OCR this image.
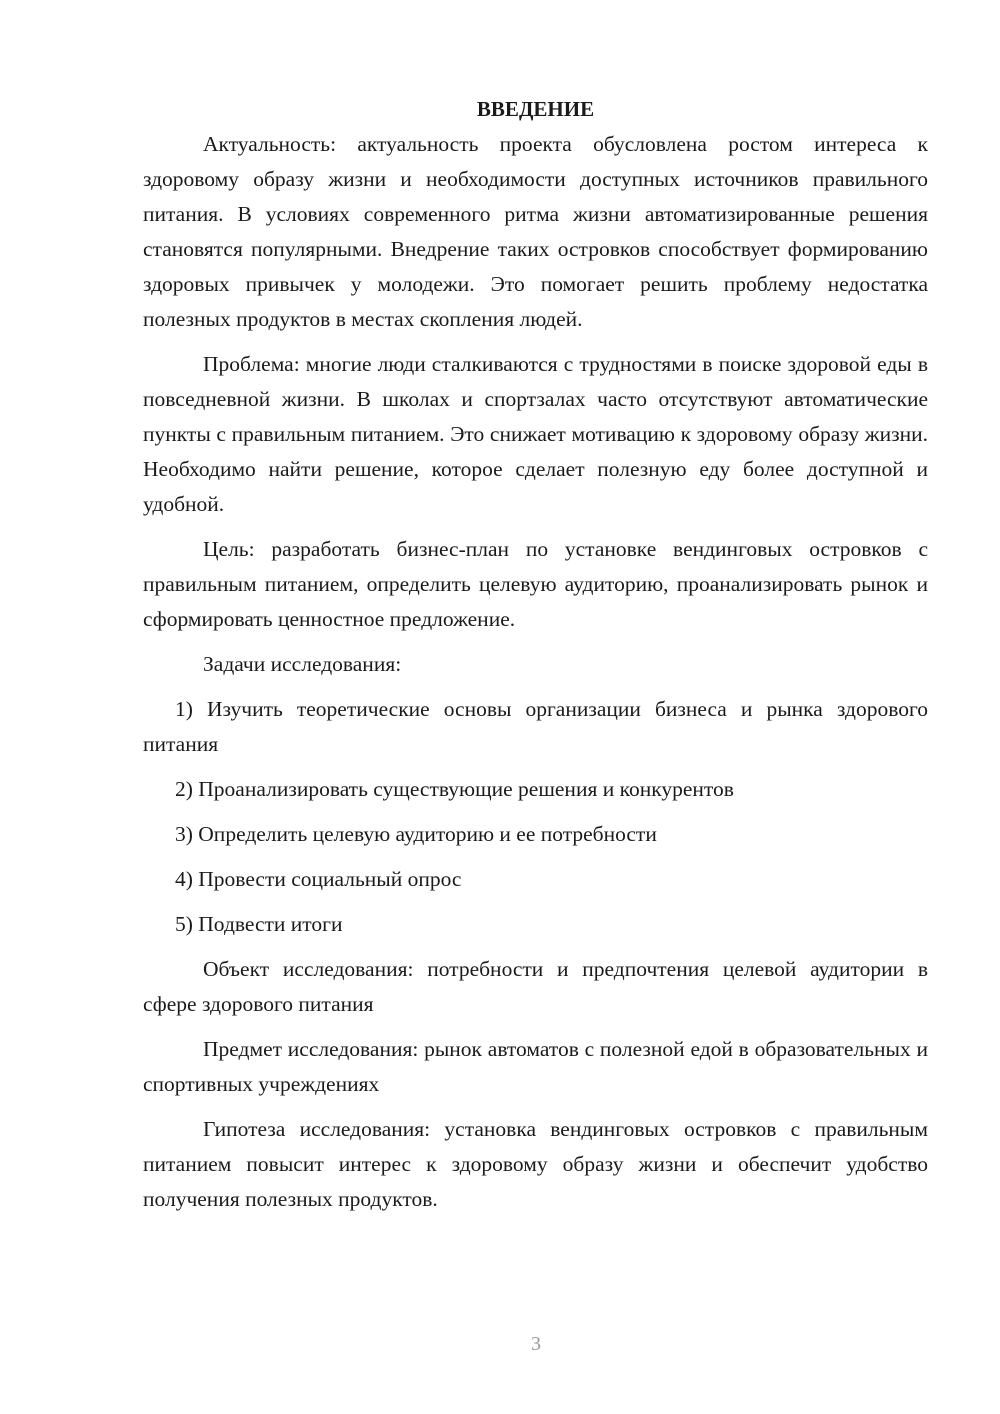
ВВЕДЕНИЕ

Актуальность: актуальность проекта обусловлена ростом интереса к здоровому образу жизни и необходимости доступных источников правильного питания. В условиях современного ритма жизни автоматизированные решения становятся популярными. Внедрение таких островков способствует формированию здоровых привычек у молодежи. Это помогает решить проблему недостатка полезных продуктов в местах скопления людей.

Проблема: многие люди сталкиваются с трудностями в поиске здоровой еды в повседневной жизни. В школах и спортзалах часто отсутствуют автоматические пункты с правильным питанием. Это снижает мотивацию к здоровому образу жизни. Необходимо найти решение, которое сделает полезную еду более доступной и удобной.

Цель: разработать бизнес-план по установке вендинговых островков с правильным питанием, определить целевую аудиторию, проанализировать рынок и сформировать ценностное предложение.

Задачи исследования:

1) Изучить теоретические основы организации бизнеса и рынка здорового питания

2) Проанализировать существующие решения и конкурентов

3) Определить целевую аудиторию и ее потребности

4) Провести социальный опрос

5) Подвести итоги

Объект исследования: потребности и предпочтения целевой аудитории в сфере здорового питания

Предмет исследования: рынок автоматов с полезной едой в образовательных и спортивных учреждениях

Гипотеза исследования: установка вендинговых островков с правильным питанием повысит интерес к здоровому образу жизни и обеспечит удобство получения полезных продуктов.

3
